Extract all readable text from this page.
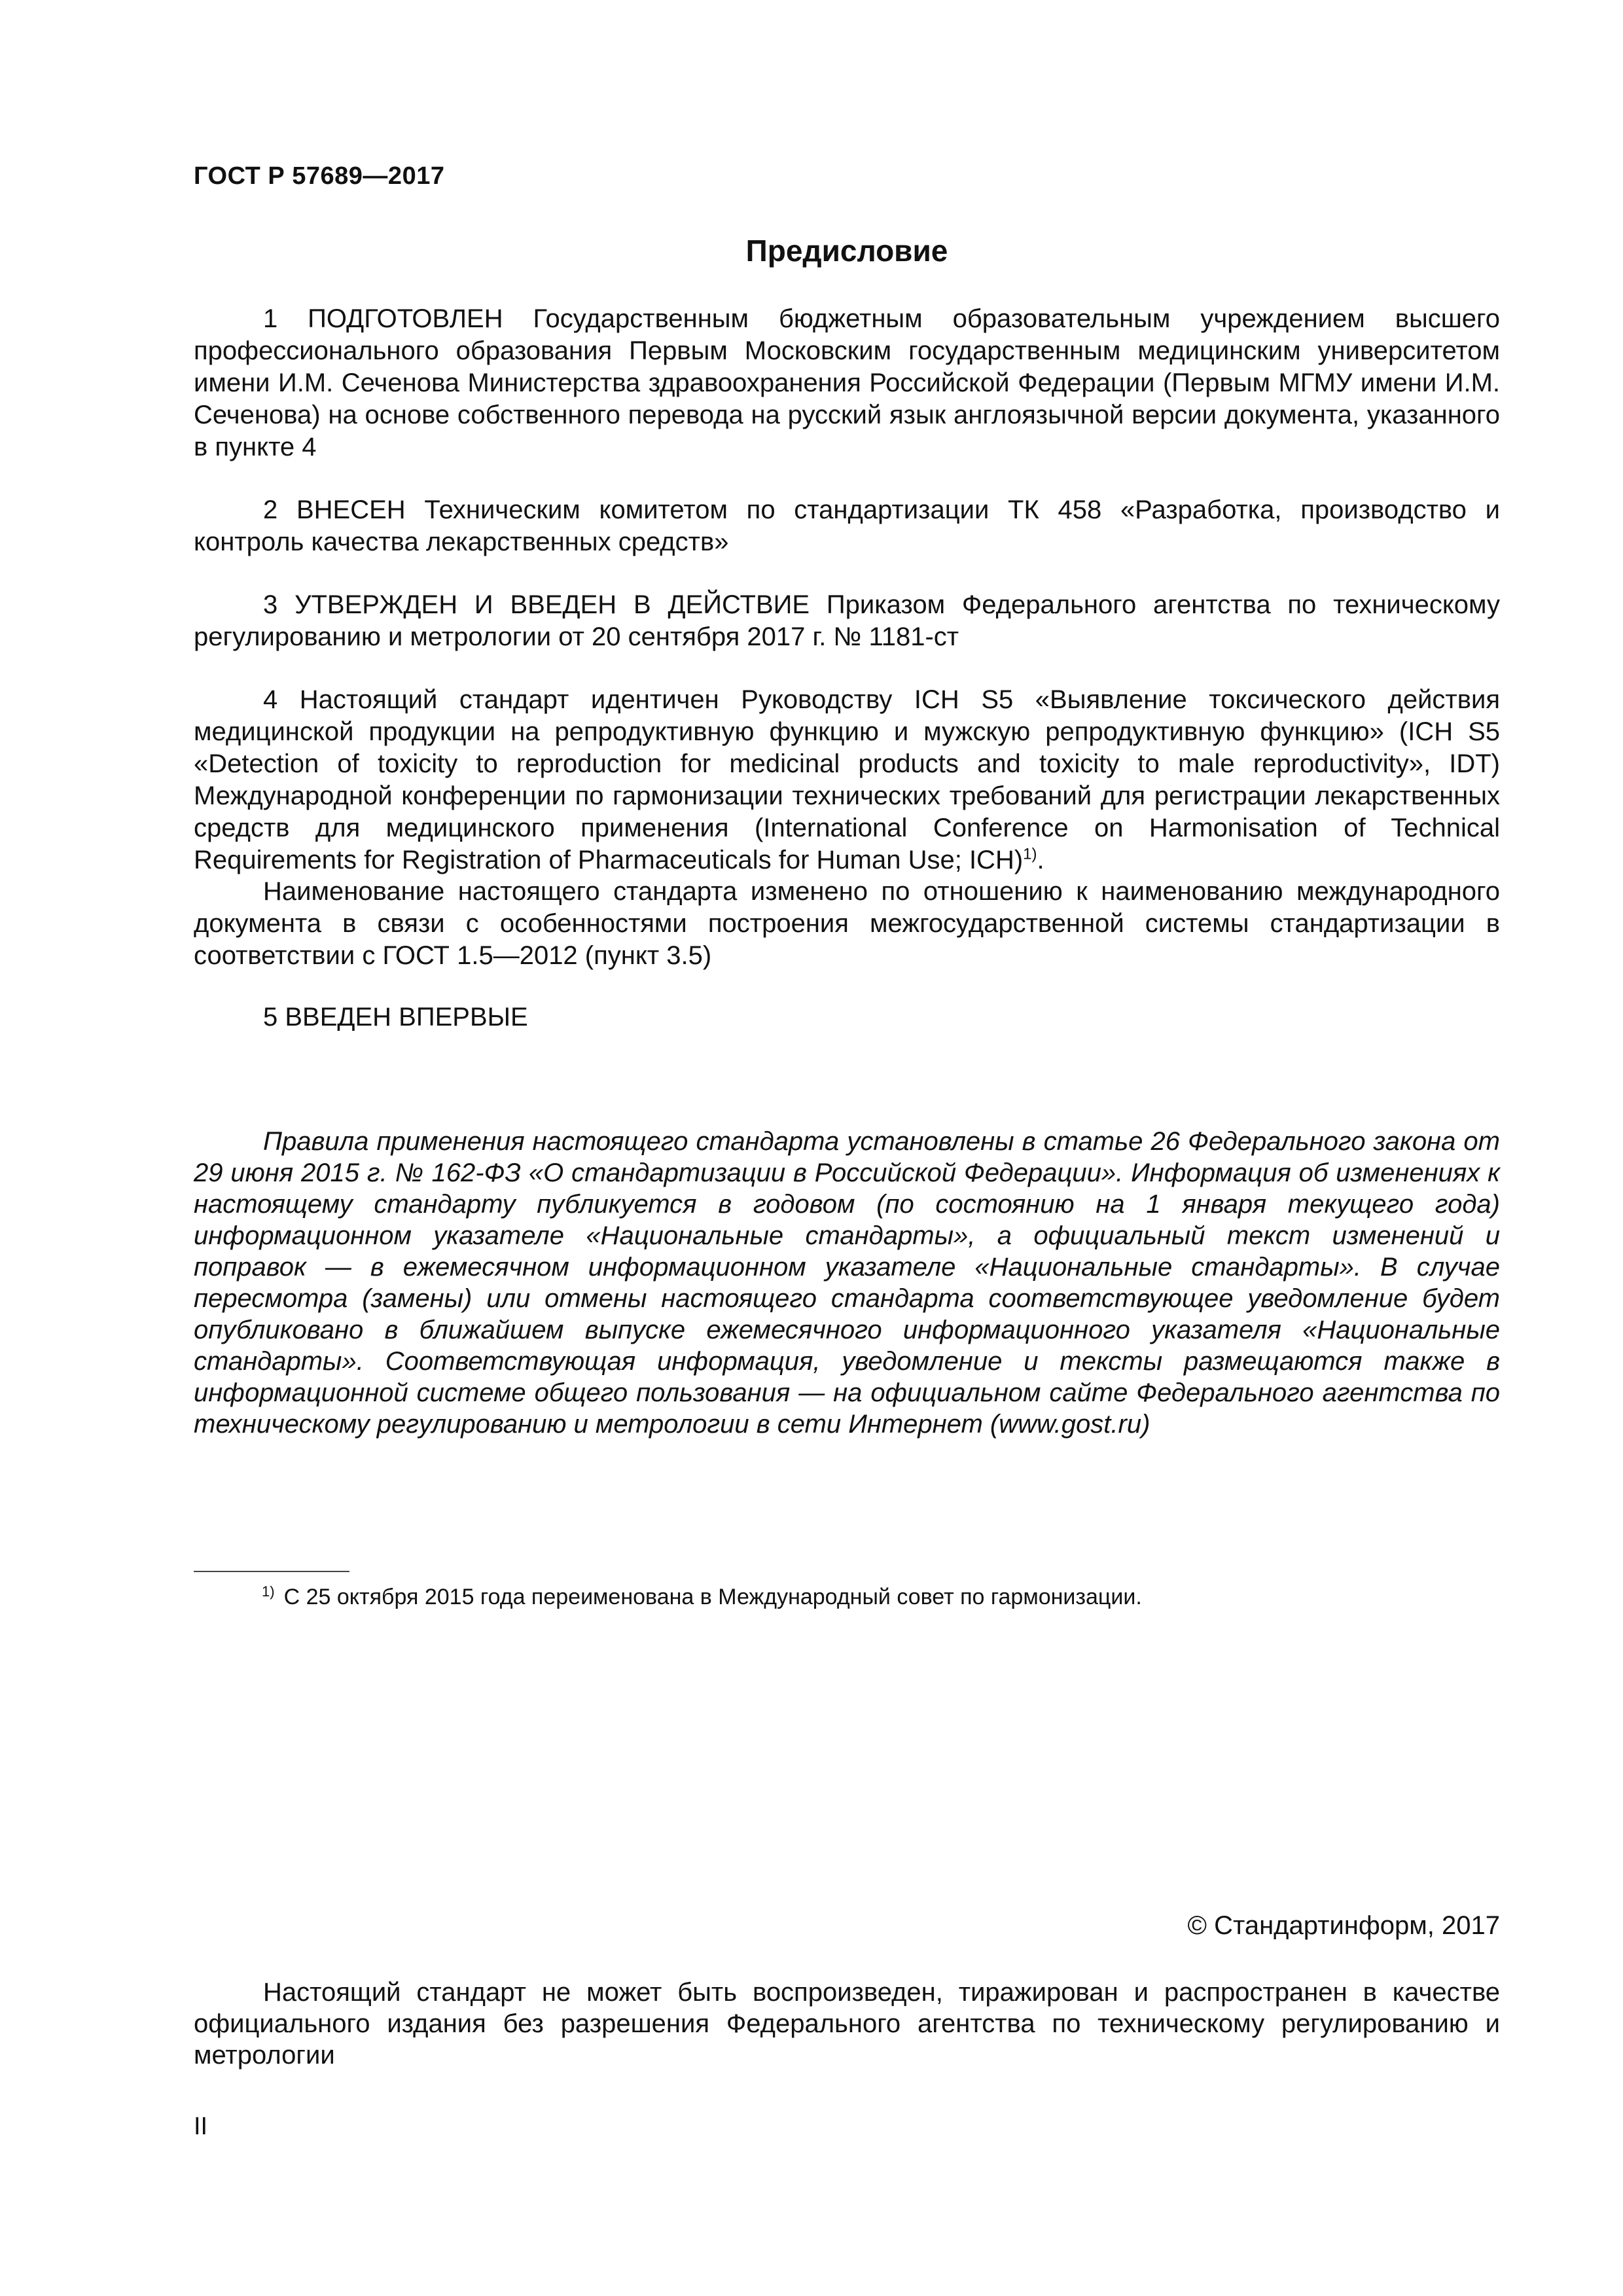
ГОСТ Р 57689—2017
Предисловие

1 ПОДГОТОВЛЕН Государственным бюджетным образовательным учреждением высшего профессионального образования Первым Московским государственным медицинским университетом имени И.М. Сеченова Министерства здравоохранения Российской Федерации (Первым МГМУ имени И.М. Сеченова) на основе собственного перевода на русский язык англоязычной версии документа, указанного в пункте 4

2 ВНЕСЕН Техническим комитетом по стандартизации ТК 458 «Разработка, производство и контроль качества лекарственных средств»

3 УТВЕРЖДЕН И ВВЕДЕН В ДЕЙСТВИЕ Приказом Федерального агентства по техническому регулированию и метрологии от 20 сентября 2017 г. № 1181-ст

4 Настоящий стандарт идентичен Руководству ICH S5 «Выявление токсического действия медицинской продукции на репродуктивную функцию и мужскую репродуктивную функцию» (ICH S5 «Detection of toxicity to reproduction for medicinal products and toxicity to male reproductivity», IDT) Международной конференции по гармонизации технических требований для регистрации лекарственных средств для медицинского применения (International Conference on Harmonisation of Technical Requirements for Registration of Pharmaceuticals for Human Use; ICH)$^{1)}$.

Наименование настоящего стандарта изменено по отношению к наименованию международного документа в связи с особенностями построения межгосударственной системы стандартизации в соответствии с ГОСТ 1.5—2012 (пункт 3.5)

5 ВВЕДЕН ВПЕРВЫЕ

Правила применения настоящего стандарта установлены в статье 26 Федерального закона от 29 июня 2015 г. № 162-ФЗ «О стандартизации в Российской Федерации». Информация об изменениях к настоящему стандарту публикуется в годовом (по состоянию на 1 января текущего года) информационном указателе «Национальные стандарты», а официальный текст изменений и поправок — в ежемесячном информационном указателе «Национальные стандарты». В случае пересмотра (замены) или отмены настоящего стандарта соответствующее уведомление будет опубликовано в ближайшем выпуске ежемесячного информационного указателя «Национальные стандарты». Соответствующая информация, уведомление и тексты размещаются также в информационной системе общего пользования — на официальном сайте Федерального агентства по техническому регулированию и метрологии в сети Интернет (www.gost.ru)

$^{1)}$ С 25 октября 2015 года переименована в Международный совет по гармонизации.
© Стандартинформ, 2017

Настоящий стандарт не может быть воспроизведен, тиражирован и распространен в качестве официального издания без разрешения Федерального агентства по техническому регулированию и метрологии

II
